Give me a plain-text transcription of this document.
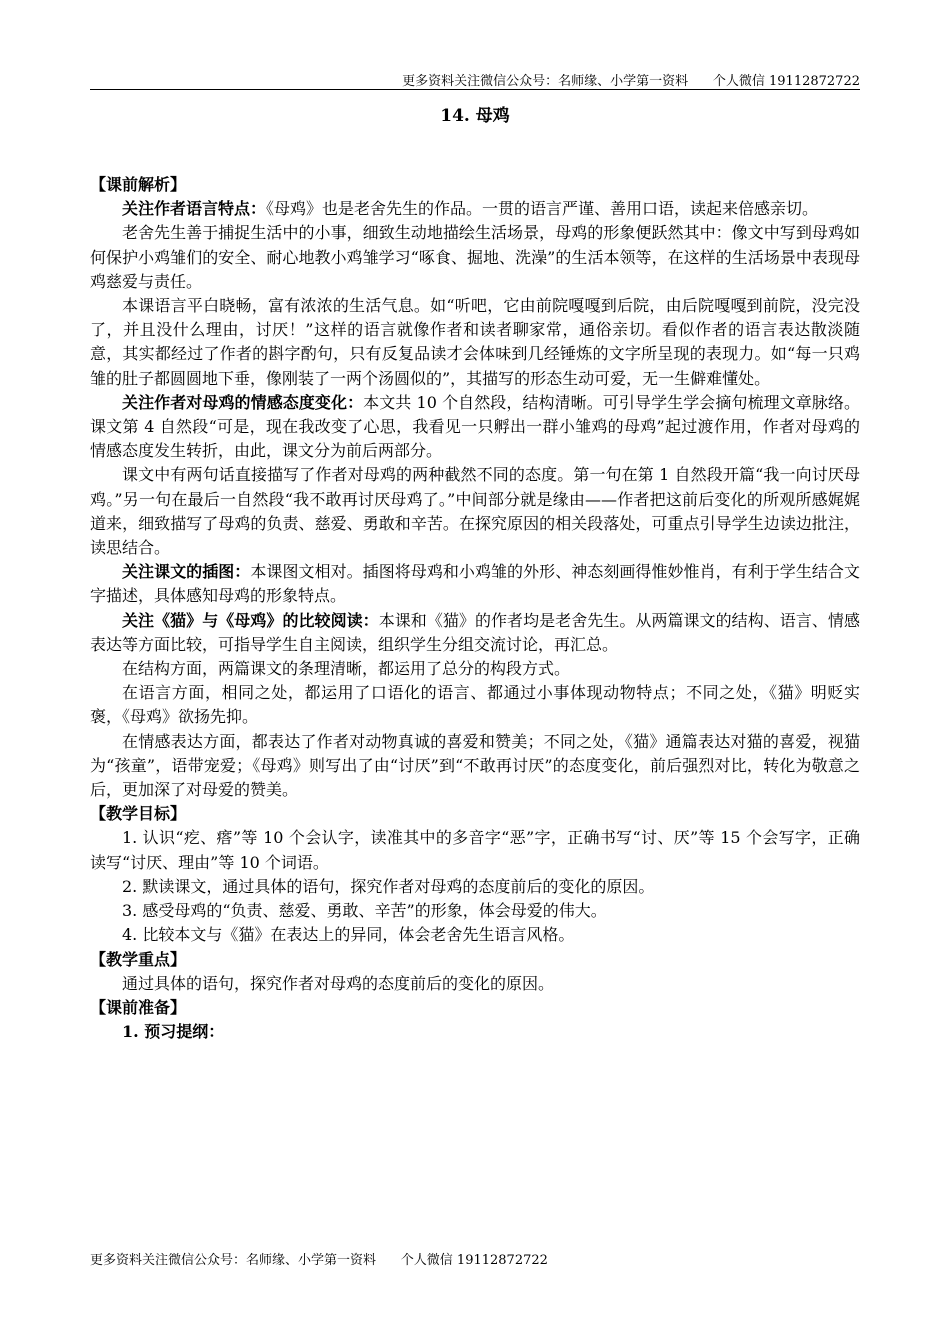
更多资料关注微信公众号：名师缘、小学第一资料      个人微信 19112872722
14. 母鸡
【课前解析】
关注作者语言特点：《母鸡》也是老舍先生的作品。一贯的语言严谨、善用口语，读起来倍感亲切。
老舍先生善于捕捉生活中的小事，细致生动地描绘生活场景，母鸡的形象便跃然其中：像文中写到母鸡如何保护小鸡雏们的安全、耐心地教小鸡雏学习“啄食、掘地、洗澡”的生活本领等，在这样的生活场景中表现母鸡慈爱与责任。
本课语言平白晓畅，富有浓浓的生活气息。如“听吧，它由前院嘎嘎到后院，由后院嘎嘎到前院，没完没了，并且没什么理由，讨厌！”这样的语言就像作者和读者聊家常，通俗亲切。看似作者的语言表达散淡随意，其实都经过了作者的斟字酌句，只有反复品读才会体味到几经锤炼的文字所呈现的表现力。如“每一只鸡雏的肚子都圆圆地下垂，像刚装了一两个汤圆似的”，其描写的形态生动可爱，无一生僻难懂处。
关注作者对母鸡的情感态度变化：本文共 10 个自然段，结构清晰。可引导学生学会摘句梳理文章脉络。课文第 4 自然段“可是，现在我改变了心思，我看见一只孵出一群小雏鸡的母鸡”起过渡作用，作者对母鸡的情感态度发生转折，由此，课文分为前后两部分。
课文中有两句话直接描写了作者对母鸡的两种截然不同的态度。第一句在第 1 自然段开篇“我一向讨厌母鸡。”另一句在最后一自然段“我不敢再讨厌母鸡了。”中间部分就是缘由——作者把这前后变化的所观所感娓娓道来，细致描写了母鸡的负责、慈爱、勇敢和辛苦。在探究原因的相关段落处，可重点引导学生边读边批注，读思结合。
关注课文的插图：本课图文相对。插图将母鸡和小鸡雏的外形、神态刻画得惟妙惟肖，有利于学生结合文字描述，具体感知母鸡的形象特点。
关注《猫》与《母鸡》的比较阅读：本课和《猫》的作者均是老舍先生。从两篇课文的结构、语言、情感表达等方面比较，可指导学生自主阅读，组织学生分组交流讨论，再汇总。
在结构方面，两篇课文的条理清晰，都运用了总分的构段方式。
在语言方面，相同之处，都运用了口语化的语言、都通过小事体现动物特点；不同之处，《猫》明贬实褒，《母鸡》欲扬先抑。
在情感表达方面，都表达了作者对动物真诚的喜爱和赞美；不同之处，《猫》通篇表达对猫的喜爱，视猫为“孩童”，语带宠爱；《母鸡》则写出了由“讨厌”到“不敢再讨厌”的态度变化，前后强烈对比，转化为敬意之后，更加深了对母爱的赞美。
【教学目标】
1. 认识“疙、瘩”等 10 个会认字，读准其中的多音字“恶”字，正确书写“讨、厌”等 15 个会写字，正确读写“讨厌、理由”等 10 个词语。
2. 默读课文，通过具体的语句，探究作者对母鸡的态度前后的变化的原因。
3. 感受母鸡的“负责、慈爱、勇敢、辛苦”的形象，体会母爱的伟大。
4. 比较本文与《猫》在表达上的异同，体会老舍先生语言风格。
【教学重点】
通过具体的语句，探究作者对母鸡的态度前后的变化的原因。
【课前准备】
1. 预习提纲：
更多资料关注微信公众号：名师缘、小学第一资料      个人微信 19112872722
